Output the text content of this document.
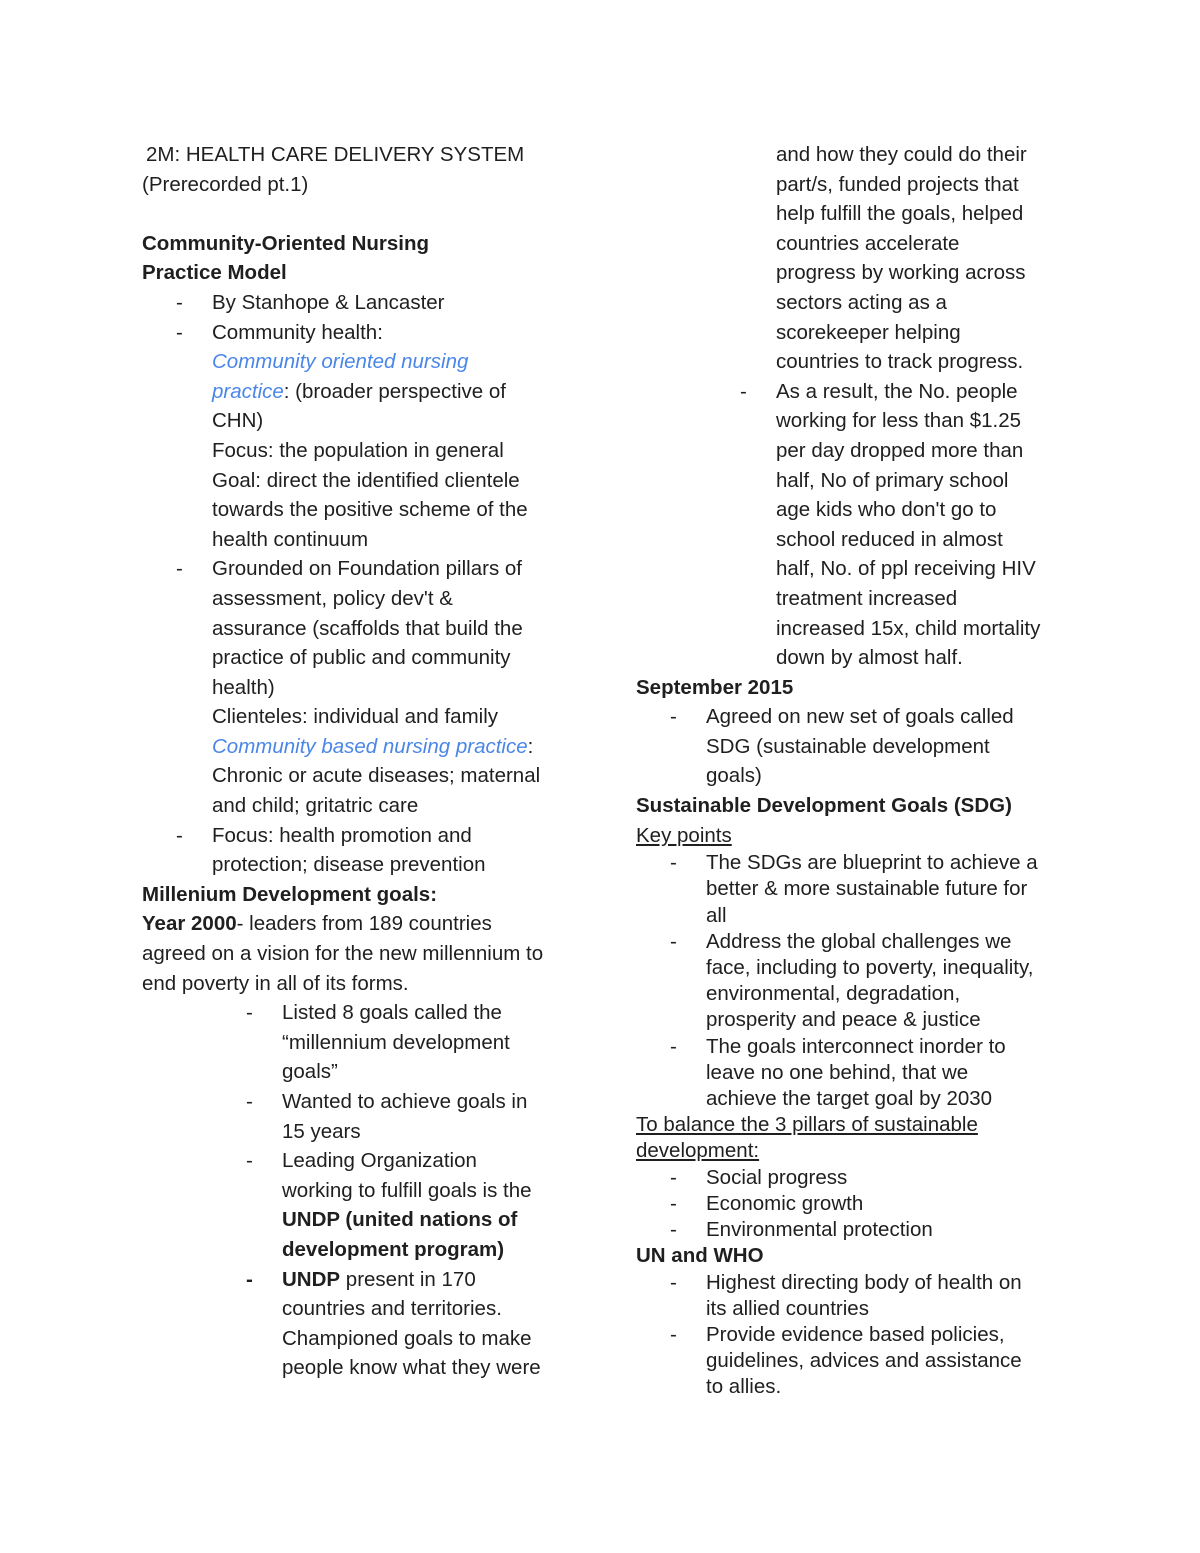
2M: HEALTH CARE DELIVERY SYSTEM
(Prerecorded pt.1)
Community-Oriented Nursing
Practice Model
- By Stanhope & Lancaster
- Community health:
Community oriented nursing
practice: (broader perspective of
CHN)
Focus: the population in general
Goal: direct the identified clientele
towards the positive scheme of the
health continuum
- Grounded on Foundation pillars of
assessment, policy dev't &
assurance (scaffolds that build the
practice of public and community
health)
Clienteles: individual and family
Community based nursing practice:
Chronic or acute diseases; maternal
and child; gritatric care
- Focus: health promotion and
protection; disease prevention
Millenium Development goals:
Year 2000- leaders from 189 countries
agreed on a vision for the new millennium to
end poverty in all of its forms.
- Listed 8 goals called the
“millennium development
goals”
- Wanted to achieve goals in
15 years
- Leading Organization
working to fulfill goals is the
UNDP (united nations of
development program)
- UNDP present in 170
countries and territories.
Championed goals to make
people know what they were
and how they could do their
part/s, funded projects that
help fulfill the goals, helped
countries accelerate
progress by working across
sectors acting as a
scorekeeper helping
countries to track progress.
- As a result, the No. people
working for less than $1.25
per day dropped more than
half, No of primary school
age kids who don't go to
school reduced in almost
half, No. of ppl receiving HIV
treatment increased
increased 15x, child mortality
down by almost half.
September 2015
- Agreed on new set of goals called
SDG (sustainable development
goals)
Sustainable Development Goals (SDG)
Key points
- The SDGs are blueprint to achieve a
better & more sustainable future for
all
- Address the global challenges we
face, including to poverty, inequality,
environmental, degradation,
prosperity and peace & justice
- The goals interconnect inorder to
leave no one behind, that we
achieve the target goal by 2030
To balance the 3 pillars of sustainable
development:
- Social progress
- Economic growth
- Environmental protection
UN and WHO
- Highest directing body of health on
its allied countries
- Provide evidence based policies,
guidelines, advices and assistance
to allies.
